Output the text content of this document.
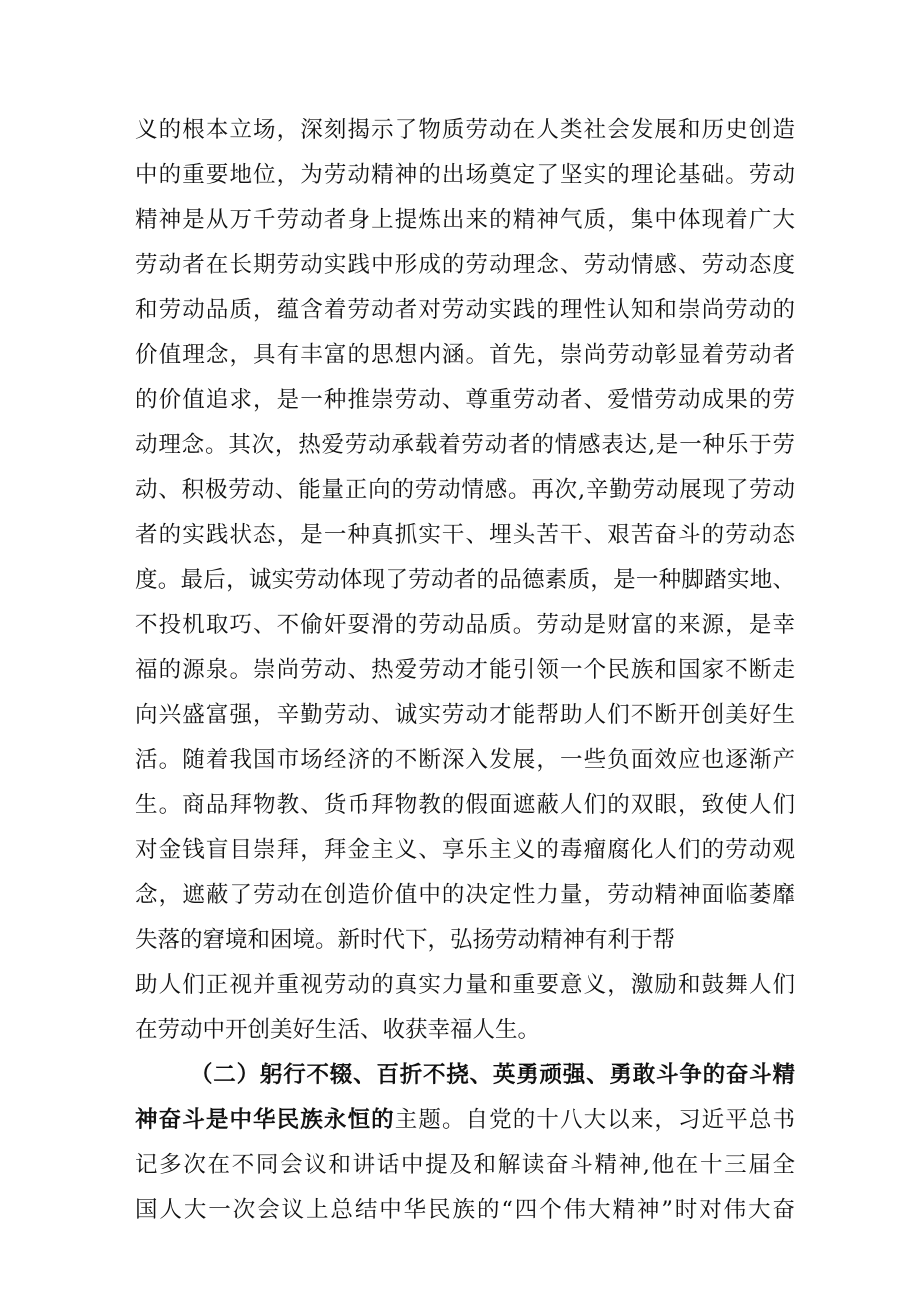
义的根本立场，深刻揭示了物质劳动在人类社会发展和历史创造
中的重要地位，为劳动精神的出场奠定了坚实的理论基础。劳动
精神是从万千劳动者身上提炼出来的精神气质，集中体现着广大
劳动者在长期劳动实践中形成的劳动理念、劳动情感、劳动态度
和劳动品质，蕴含着劳动者对劳动实践的理性认知和崇尚劳动的
价值理念，具有丰富的思想内涵。首先，崇尚劳动彰显着劳动者
的价值追求，是一种推崇劳动、尊重劳动者、爱惜劳动成果的劳
动理念。其次，热爱劳动承载着劳动者的情感表达,是一种乐于劳
动、积极劳动、能量正向的劳动情感。再次,辛勤劳动展现了劳动
者的实践状态，是一种真抓实干、埋头苦干、艰苦奋斗的劳动态
度。最后，诚实劳动体现了劳动者的品德素质，是一种脚踏实地、
不投机取巧、不偷奸耍滑的劳动品质。劳动是财富的来源，是幸
福的源泉。崇尚劳动、热爱劳动才能引领一个民族和国家不断走
向兴盛富强，辛勤劳动、诚实劳动才能帮助人们不断开创美好生
活。随着我国市场经济的不断深入发展，一些负面效应也逐渐产
生。商品拜物教、货币拜物教的假面遮蔽人们的双眼，致使人们
对金钱盲目崇拜，拜金主义、享乐主义的毒瘤腐化人们的劳动观
念，遮蔽了劳动在创造价值中的决定性力量，劳动精神面临萎靡
失落的窘境和困境。新时代下，弘扬劳动精神有利于帮
助人们正视并重视劳动的真实力量和重要意义，激励和鼓舞人们
在劳动中开创美好生活、收获幸福人生。
（二）躬行不辍、百折不挠、英勇顽强、勇敢斗争的奋斗精
神奋斗是中华民族永恒的主题。自党的十八大以来，习近平总书
记多次在不同会议和讲话中提及和解读奋斗精神,他在十三届全
国人大一次会议上总结中华民族的“四个伟大精神”时对伟大奋
